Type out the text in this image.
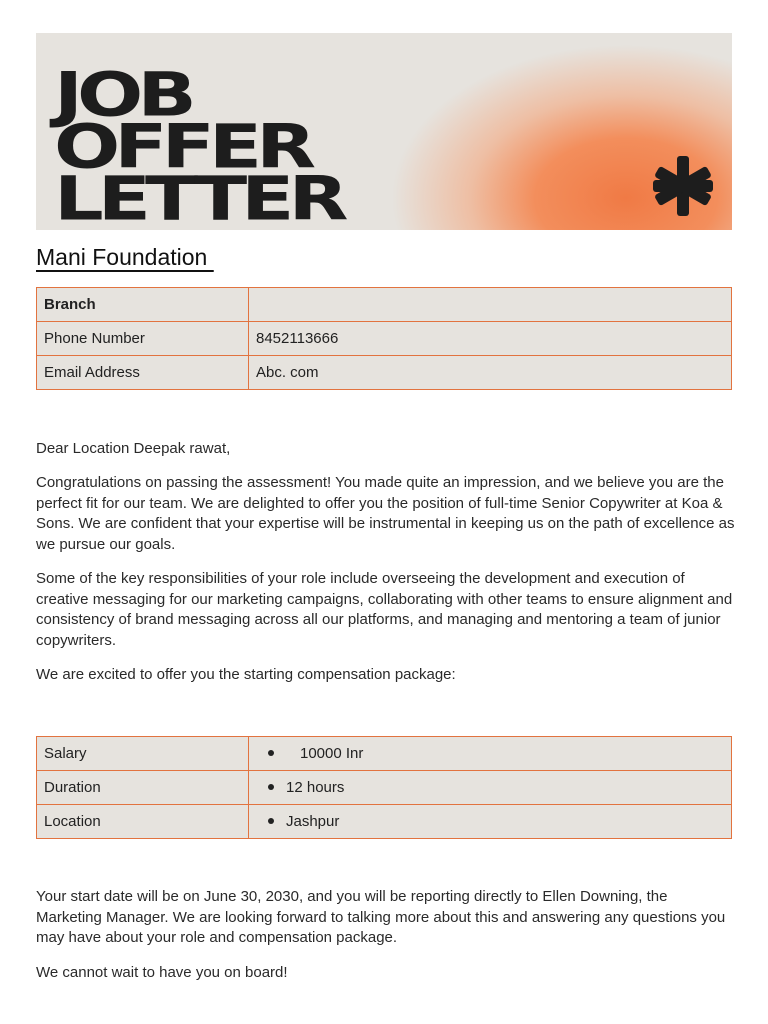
JOB
OFFER
LETTER
Mani Foundation
Branch	
Phone Number	8452113666
Email Address	Abc. com

Dear Location Deepak rawat,

Congratulations on passing the assessment! You made quite an impression, and we believe you are the perfect fit for our team. We are delighted to offer you the position of full-time Senior Copywriter at Koa & Sons. We are confident that your expertise will be instrumental in keeping us on the path of excellence as we pursue our goals.

Some of the key responsibilities of your role include overseeing the development and execution of creative messaging for our marketing campaigns, collaborating with other teams to ensure alignment and consistency of brand messaging across all our platforms, and managing and mentoring a team of junior copywriters.

We are excited to offer you the starting compensation package:

Salary	10000 Inr
Duration	12 hours
Location	Jashpur

Your start date will be on June 30, 2030, and you will be reporting directly to Ellen Downing, the Marketing Manager. We are looking forward to talking more about this and answering any questions you may have about your role and compensation package.

We cannot wait to have you on board!
